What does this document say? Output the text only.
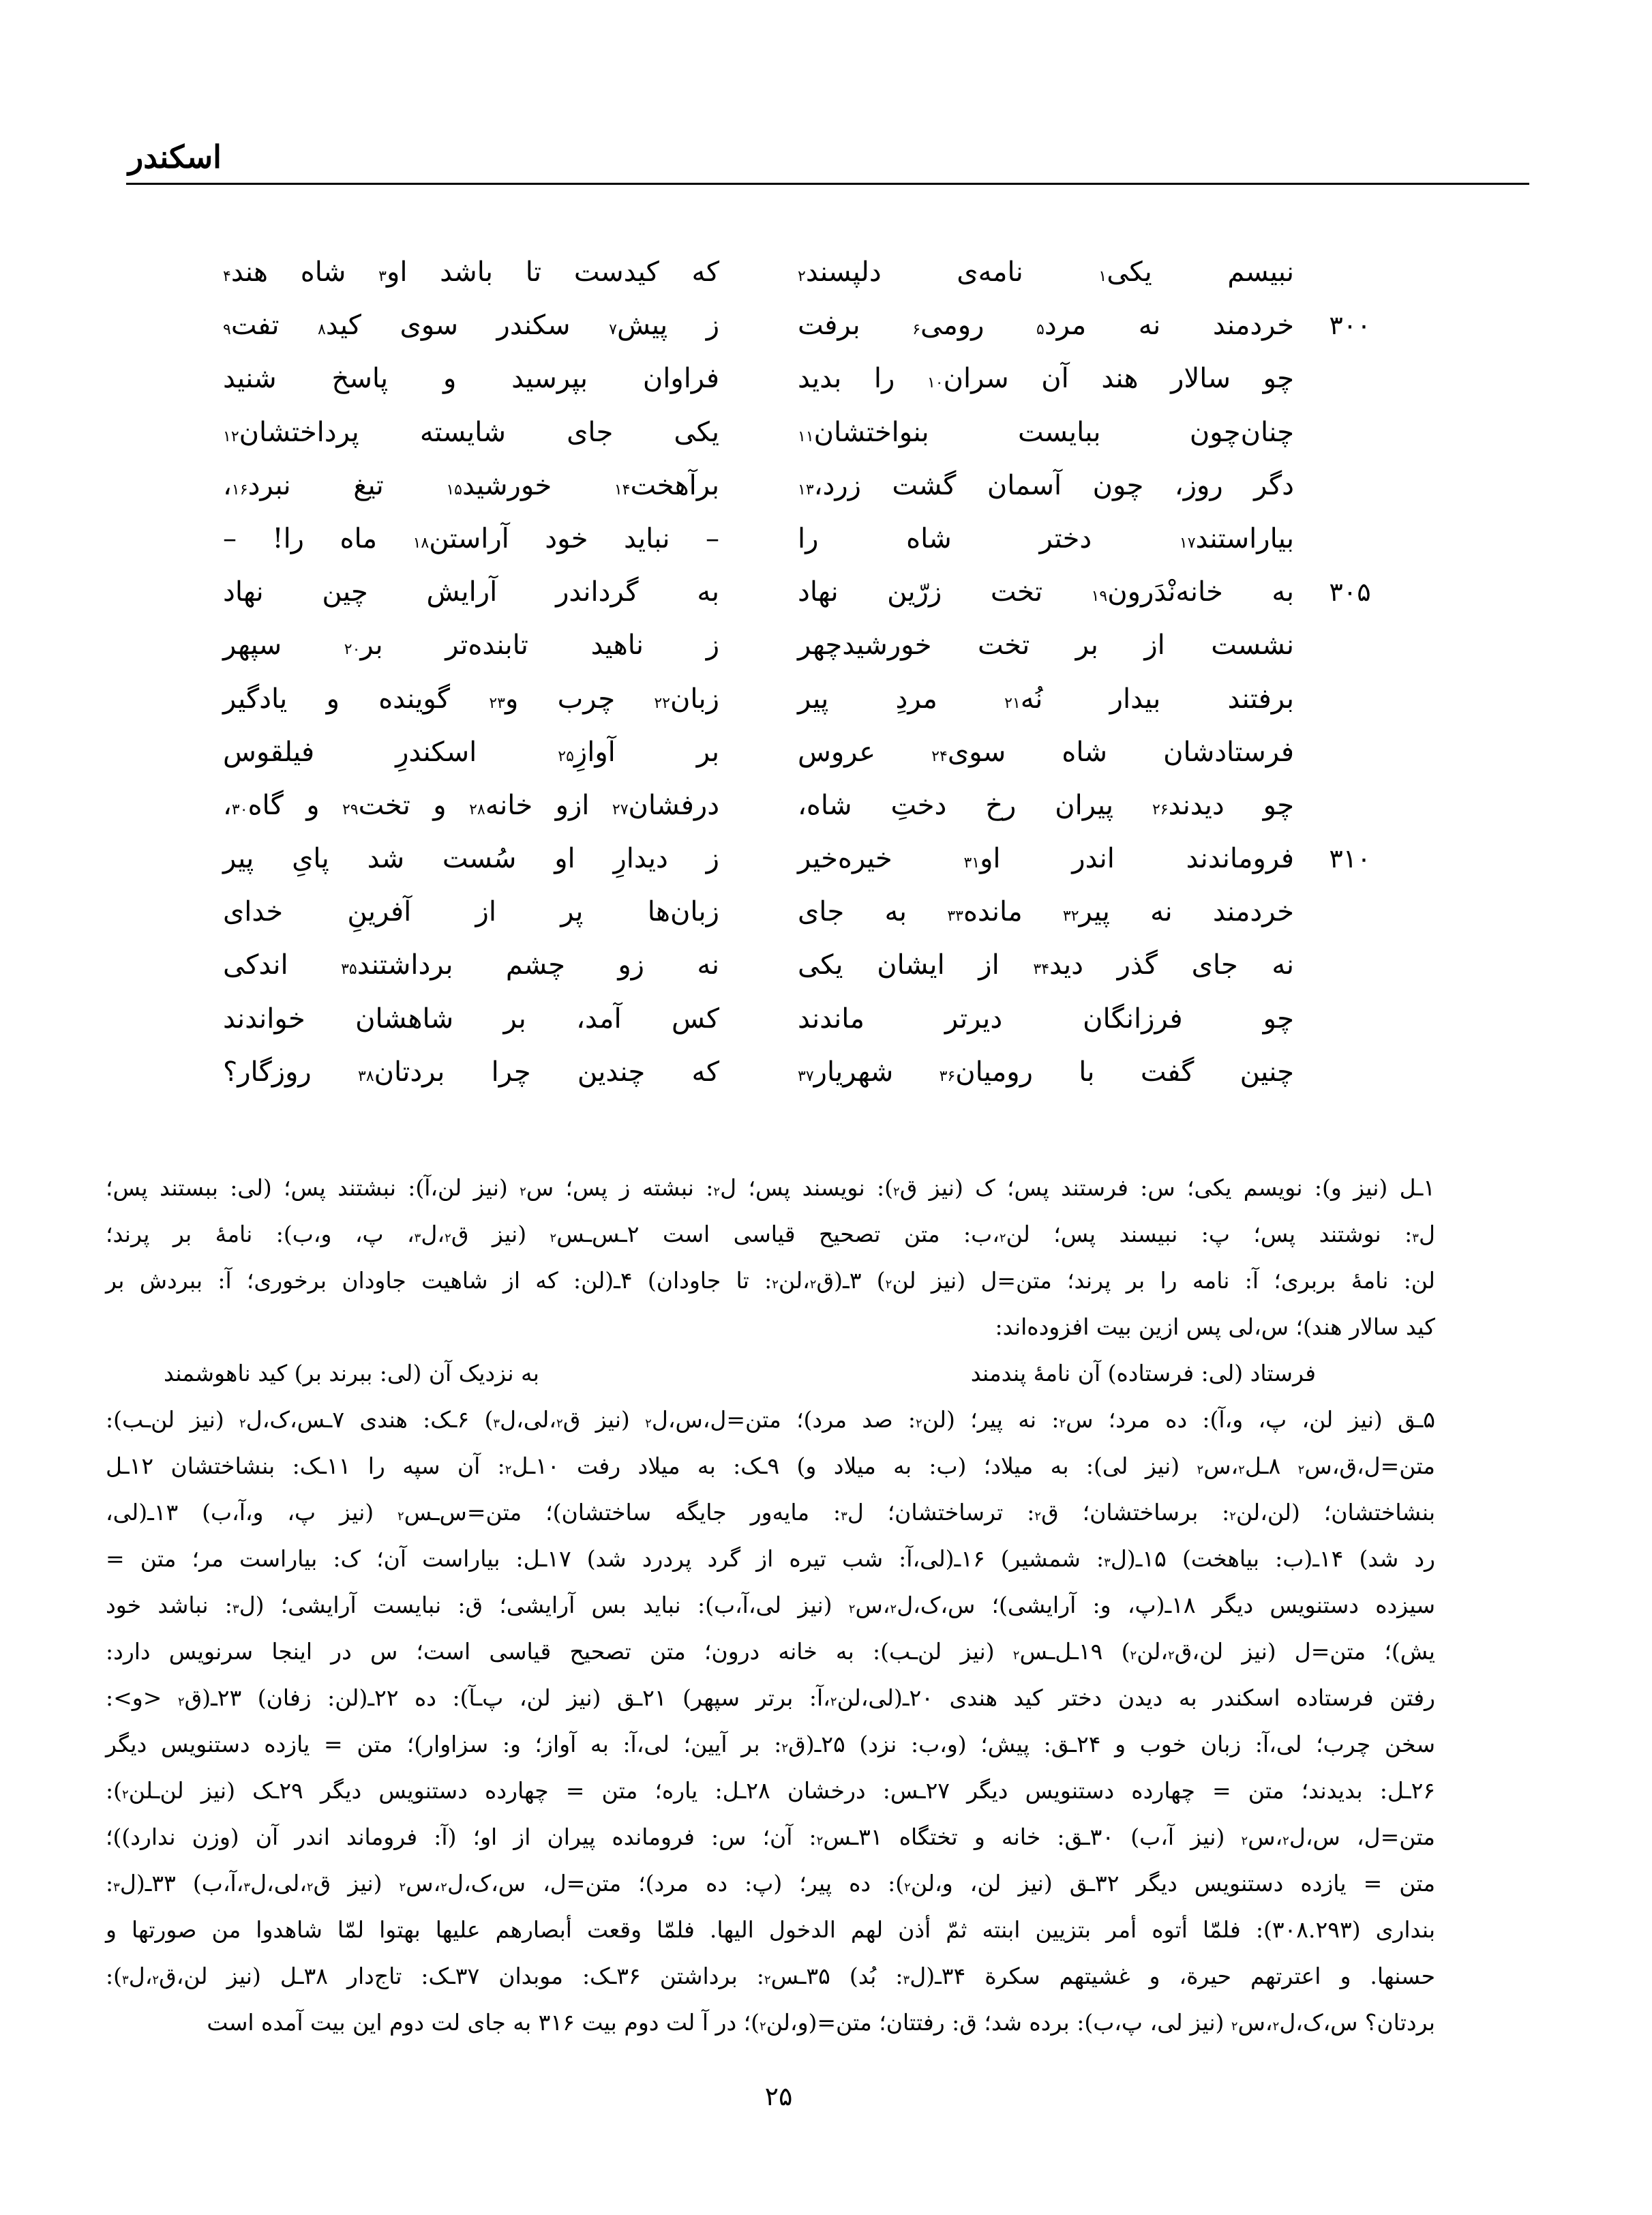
اسکندر
نبیسم یکی$^۱$ نامه‌ی دلپسند$^۲$
خردمند نه مرد$^۵$ رومی$^۶$ برفت
چو سالار هند آن سران$^{۱۰}$ را بدید
چنان‌چون ببایست بنواختشان$^{۱۱}$
دگر روز، چون آسمان گشت زرد،$^{۱۳}$
بیاراستند$^{۱۷}$ دختر شاه را
به خانه‌نْدَرون$^{۱۹}$ تخت زرّین نهاد
نشست از بر تخت خورشیدچهر
برفتند بیدار نُه$^{۲۱}$ مردِ پیر
فرستادشان شاه سوی$^{۲۴}$ عروس
چو دیدند$^{۲۶}$ پیران رخ دختِ شاه،
فروماندند اندر او$^{۳۱}$ خیره‌خیر
خردمند نه پیر$^{۳۲}$ مانده$^{۳۳}$ به جای
نه جای گذر دید$^{۳۴}$ از ایشان یکی
چو فرزانگان دیرتر ماندند
چنین گفت با رومیان$^{۳۶}$ شهریار$^{۳۷}$
که کیدست تا باشد او$^۳$ شاه هند$^۴$
ز پیش$^۷$ سکندر سوی کید$^۸$ تفت$^۹$
فراوان بپرسید و پاسخ شنید
یکی جای شایسته پرداختشان$^{۱۲}$
برآهخت$^{۱۴}$ خورشید$^{۱۵}$ تیغ نبرد$^{۱۶}$،
– نباید خود آراستن$^{۱۸}$ ماه را! –
به گرداندر آرایش چین نهاد
ز ناهید تابنده‌تر بر$^{۲۰}$ سپهر
زبان$^{۲۲}$ چرب و$^{۲۳}$ گوینده و یادگیر
بر آوازِ$^{۲۵}$ اسکندرِ فیلقوس
درفشان$^{۲۷}$ ازو خانه$^{۲۸}$ و تخت$^{۲۹}$ و گاه$^{۳۰}$،
ز دیدارِ او سُست شد پایِ پیر
زبان‌ها پر از آفرینِ خدای
نه زو چشم برداشتند$^{۳۵}$ اندکی
کس آمد، بر شاهشان خواندند
که چندین چرا بردتان$^{۳۸}$ روزگار؟
۳۰۰
۳۰۵
۳۱۰
۱ـل (نیز و): نویسم یکی؛ س: فرستند پس؛ ک (نیز ق$^۲$): نویسند پس؛ ل$^۲$: نبشته ز پس؛ س$^۲$ (نیز لن،آ): نبشتند پس؛ (لی: ببستند پس؛
ل$^۳$: نوشتند پس؛ پ: نبیسند پس؛ لن$^۲$،ب: متن تصحیح قیاسی است ۲ـس‌ـس$^۲$ (نیز ق$^۲$،ل$^۳$، پ، و،ب): نامهٔ بر پرند؛
لن: نامهٔ بربری؛ آ: نامه را بر پرند؛ متن=ل (نیز لن$^۲$) ۳ـ(ق$^۲$،لن$^۲$: تا جاودان) ۴ـ(لن: که از شاهیت جاودان برخوری؛ آ: ببردش بر
کید سالار هند)؛ س،لی پس ازین بیت افزوده‌اند:
فرستاد (لی: فرستاده) آن نامهٔ پندمند
به نزدیک آن (لی: ببرند بر) کید ناهوشمند
۵ـق (نیز لن، پ، و،آ): ده مرد؛ س$^۲$: نه پیر؛ (لن$^۲$: صد مرد)؛ متن=ل،س،ل$^۲$ (نیز ق$^۲$،لی،ل$^۳$) ۶ـک: هندی ۷ـس،ک،ل$^۲$ (نیز لن‌ـب):
متن=ل،ق،س$^۲$ ۸ـل$^۲$،س$^۲$ (نیز لی): به میلاد؛ (ب: به میلاد و) ۹ـک: به میلاد رفت ۱۰ـل$^۲$: آن سپه را ۱۱ـک: بنشاختشان ۱۲ـل
بنشاختشان؛ (لن،لن$^۲$: برساختشان؛ ق$^۲$: ترساختشان؛ ل$^۳$: مایه‌ور جایگه ساختشان)؛ متن=س‌ـس$^۲$ (نیز پ، و،آ،ب) ۱۳ـ(لی،
رد شد) ۱۴ـ(ب: بیاهخت) ۱۵ـ(ل$^۳$: شمشیر) ۱۶ـ(لی،آ: شب تیره از گرد پردرد شد) ۱۷ـل: بیاراست آن؛ ک: بیاراست مر؛ متن =
سیزده دستنویس دیگر ۱۸ـ(پ، و: آرایشی)؛ س،ک،ل$^۲$،س$^۲$ (نیز لی،آ،ب): نباید بس آرایشی؛ ق: نبایست آرایشی؛ (ل$^۳$: نباشد خود
یش)؛ متن=ل (نیز لن،ق$^۲$،لن$^۲$) ۱۹ـل‌ـس$^۲$ (نیز لن‌ـب): به خانه درون؛ متن تصحیح قیاسی است؛ س در اینجا سرنویس دارد:
رفتن فرستاده اسکندر به دیدن دختر کید هندی ۲۰ـ(لی،لن$^۲$،آ: برتر سپهر) ۲۱ـق (نیز لن، پ‌ـآ): ده ۲۲ـ(لن: زفان) ۲۳ـ(ق$^۲$ <و>:
سخن چرب؛ لی،آ: زبان خوب و ۲۴ـق: پیش؛ (و،ب: نزد) ۲۵ـ(ق$^۲$: بر آیین؛ لی،آ: به آواز؛ و: سزاوار)؛ متن = یازده دستنویس دیگر
۲۶ـل: بدیدند؛ متن = چهارده دستنویس دیگر ۲۷ـس: درخشان ۲۸ـل: یاره؛ متن = چهارده دستنویس دیگر ۲۹ـک (نیز لن‌ـلن$^۲$):
متن=ل، س،ل$^۲$،س$^۲$ (نیز آ،ب) ۳۰ـق: خانه و تختگاه ۳۱ـس$^۲$: آن؛ س: فرومانده پیران از او؛ (آ: فروماند اندر آن (وزن ندارد))؛
متن = یازده دستنویس دیگر ۳۲ـق (نیز لن، و،لن$^۲$): ده پیر؛ (پ: ده مرد)؛ متن=ل، س،ک،ل$^۲$،س$^۲$ (نیز ق$^۲$،لی،ل$^۳$،آ،ب) ۳۳ـ(ل$^۳$:
بنداری (۳۰۸.۲۹۳): فلمّا أتوه أمر بتزیین ابنته ثمّ أذن لهم الدخول الیها. فلمّا وقعت أبصارهم علیها بهتوا لمّا شاهدوا من صورتها و
حسنها. و اعترتهم حیرة، و غشیتهم سکرة ۳۴ـ(ل$^۳$: بُد) ۳۵ـس$^۲$: برداشتن ۳۶ـک: موبدان ۳۷ـک: تاج‌دار ۳۸ـل (نیز لن،ق$^۲$،ل$^۳$):
بردتان؟ س،ک،ل$^۲$،س$^۲$ (نیز لی، پ،ب): برده شد؛ ق: رفتتان؛ متن=(و،لن$^۲$)؛ در آ لت دوم بیت ۳۱۶ به جای لت دوم این بیت آمده است
۲۵
